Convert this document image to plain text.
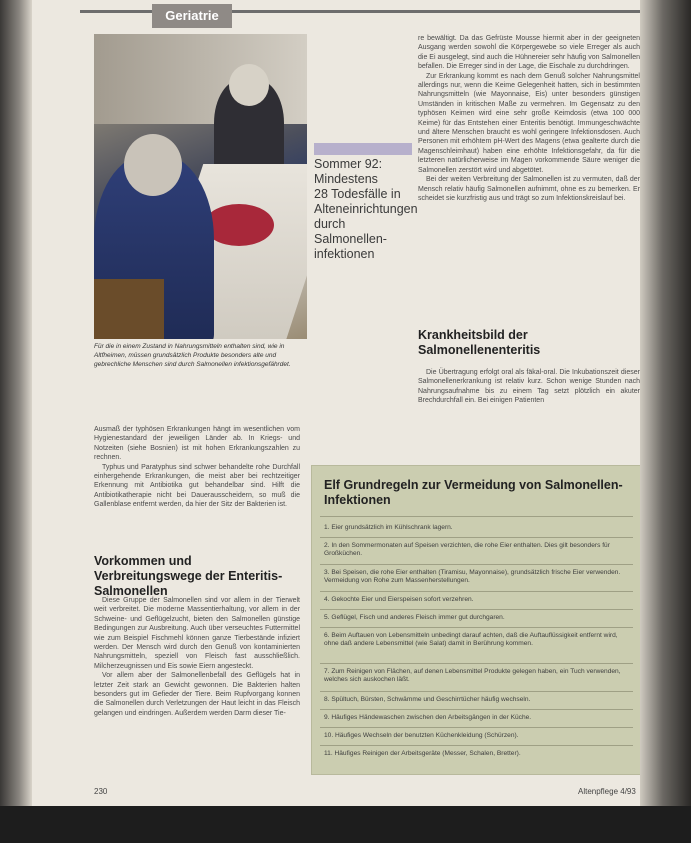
Geriatrie
Für die in einem Zustand in Nahrungsmitteln enthalten sind, wie in Altfheimen, müssen grundsätzlich Produkte besonders alte und gebrechliche Menschen sind durch Salmonellen infektionsgefährdet.
Sommer 92:
Mindestens
28 Todesfälle in
Alteneinrichtungen
durch Salmonellen-
infektionen

re bewältigt. Da das Gefrüste Mousse hiermit aber in der geeigneten Ausgang werden sowohl die Körpergewebe so viele Erreger als auch die Ei ausgelegt, sind auch die Hühnereier sehr häufig von Salmonellen befallen. Die Erreger sind in der Lage, die Eischale zu durchdringen.

Zur Erkrankung kommt es nach dem Genuß solcher Nahrungsmittel allerdings nur, wenn die Keime Gelegenheit hatten, sich in bestimmten Nahrungsmitteln (wie Mayonnaise, Eis) unter besonders günstigen Umständen in kritischen Maße zu vermehren. Im Gegensatz zu den typhösen Keimen wird eine sehr große Keimdosis (etwa 100 000 Keime) für das Entstehen einer Enteritis benötigt. Immungeschwächte und ältere Menschen braucht es wohl geringere Infektionsdosen. Auch Personen mit erhöhtem pH-Wert des Magens (etwa gealterte durch die Magenschleimhaut) haben eine erhöhte Infektionsgefahr, da für die letzteren natürlicherweise im Magen vorkommende Säure weniger die Salmonellen zerstört wird und abgetötet.

Bei der weiten Verbreitung der Salmonellen ist zu vermuten, daß der Mensch relativ häufig Salmonellen aufnimmt, ohne es zu bemerken. Er scheidet sie kurzfristig aus und trägt so zum Infektionskreislauf bei.

Krankheitsbild der Salmonellenenteritis

Die Übertragung erfolgt oral als fäkal-oral. Die Inkubationszeit dieser Salmonellenerkrankung ist relativ kurz. Schon wenige Stunden nach Nahrungsaufnahme bis zu einem Tag setzt plötzlich ein akuter Brechdurchfall ein. Bei einigen Patienten

Ausmaß der typhösen Erkrankungen hängt im wesentlichen vom Hygienestandard der jeweiligen Länder ab. In Kriegs- und Notzeiten (siehe Bosnien) ist mit hohen Erkrankungszahlen zu rechnen.

Typhus und Paratyphus sind schwer behandelte rohe Durchfall einhergehende Erkrankungen, die meist aber bei rechtzeitiger Erkennung mit Antibiotika gut behandelbar sind. Hilft die Antibiotikatherapie nicht bei Dauerausscheidern, so muß die Gallenblase entfernt werden, da hier der Sitz der Bakterien ist.

Vorkommen und Verbreitungswege der Enteritis-Salmonellen

Diese Gruppe der Salmonellen sind vor allem in der Tierwelt weit verbreitet. Die moderne Massentierhaltung, vor allem in der Schweine- und Geflügelzucht, bieten den Salmonellen günstige Bedingungen zur Ausbreitung. Auch über verseuchtes Futtermittel wie zum Beispiel Fischmehl können ganze Tierbestände infiziert werden. Der Mensch wird durch den Genuß von kontaminierten Nahrungsmitteln, speziell von Fleisch fast ausschließlich. Milcherzeugnissen und Eis sowie Eiern angesteckt.

Vor allem aber der Salmonellenbefall des Geflügels hat in letzter Zeit stark an Gewicht gewonnen. Die Bakterien halten besonders gut im Gefieder der Tiere. Beim Rupfvorgang konnen die Salmonellen durch Verletzungen der Haut leicht in das Fleisch gelangen und eindringen. Außerdem werden Darm dieser Tie-

Elf Grundregeln zur Vermeidung von Salmonellen-Infektionen
1. Eier grundsätzlich im Kühlschrank lagern.
2. In den Sommermonaten auf Speisen verzichten, die rohe Eier enthalten. Dies gilt besonders für Großküchen.
3. Bei Speisen, die rohe Eier enthalten (Tiramisu, Mayonnaise), grundsätzlich frische Eier verwenden. Vermeidung von Rohe zum Massenherstellungen.
4. Gekochte Eier und Eierspeisen sofort verzehren.
5. Geflügel, Fisch und anderes Fleisch immer gut durchgaren.
6. Beim Auftauen von Lebensmitteln unbedingt darauf achten, daß die Auftauflüssigkeit entfernt wird, ohne daß andere Lebensmittel (wie Salat) damit in Berührung kommen.
7. Zum Reinigen von Flächen, auf denen Lebensmittel Produkte gelegen haben, ein Tuch verwenden, welches sich auskochen läßt.
8. Spültuch, Bürsten, Schwämme und Geschirrtücher häufig wechseln.
9. Häufiges Händewaschen zwischen den Arbeitsgängen in der Küche.
10. Häufiges Wechseln der benutzten Küchenkleidung (Schürzen).
11. Häufiges Reinigen der Arbeitsgeräte (Messer, Schalen, Bretter).
230	Altenpflege 4/93
